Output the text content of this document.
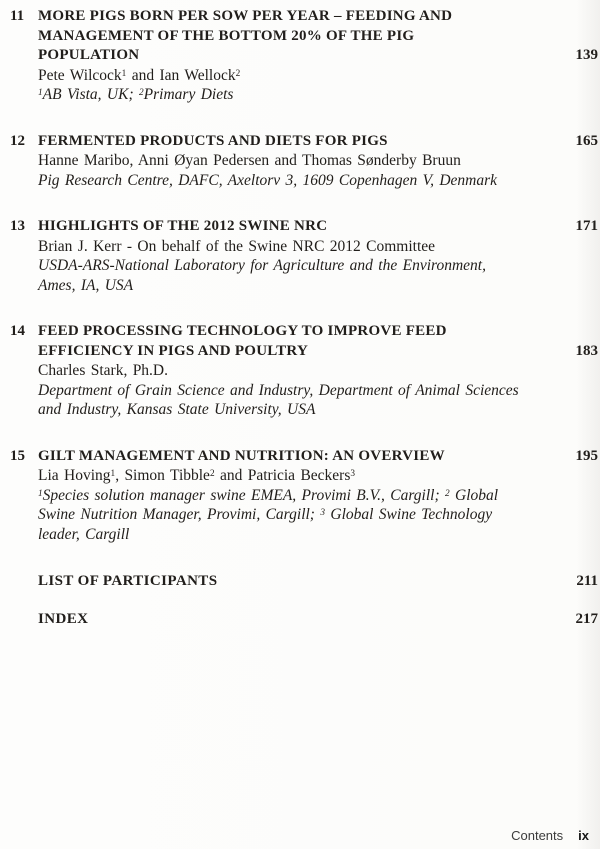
11 MORE PIGS BORN PER SOW PER YEAR – FEEDING AND
MANAGEMENT OF THE BOTTOM 20% OF THE PIG
POPULATION	139
Pete Wilcock$^1$ and Ian Wellock$^2$
$^1$AB Vista, UK; $^2$Primary Diets
12 FERMENTED PRODUCTS AND DIETS FOR PIGS	165
Hanne Maribo, Anni Øyan Pedersen and Thomas Sønderby Bruun
Pig Research Centre, DAFC, Axeltorv 3, 1609 Copenhagen V, Denmark
13 HIGHLIGHTS OF THE 2012 SWINE NRC	171
Brian J. Kerr - On behalf of the Swine NRC 2012 Committee
USDA-ARS-National Laboratory for Agriculture and the Environment,
Ames, IA, USA
14 FEED PROCESSING TECHNOLOGY TO IMPROVE FEED
EFFICIENCY IN PIGS AND POULTRY	183
Charles Stark, Ph.D.
Department of Grain Science and Industry, Department of Animal Sciences
and Industry, Kansas State University, USA
15 GILT MANAGEMENT AND NUTRITION: AN OVERVIEW	195
Lia Hoving$^1$, Simon Tibble$^2$ and Patricia Beckers$^3$
$^1$Species solution manager swine EMEA, Provimi B.V., Cargill; $^2$ Global
Swine Nutrition Manager, Provimi, Cargill; $^3$ Global Swine Technology
leader, Cargill
LIST OF PARTICIPANTS	211
INDEX	217
Contents ix
